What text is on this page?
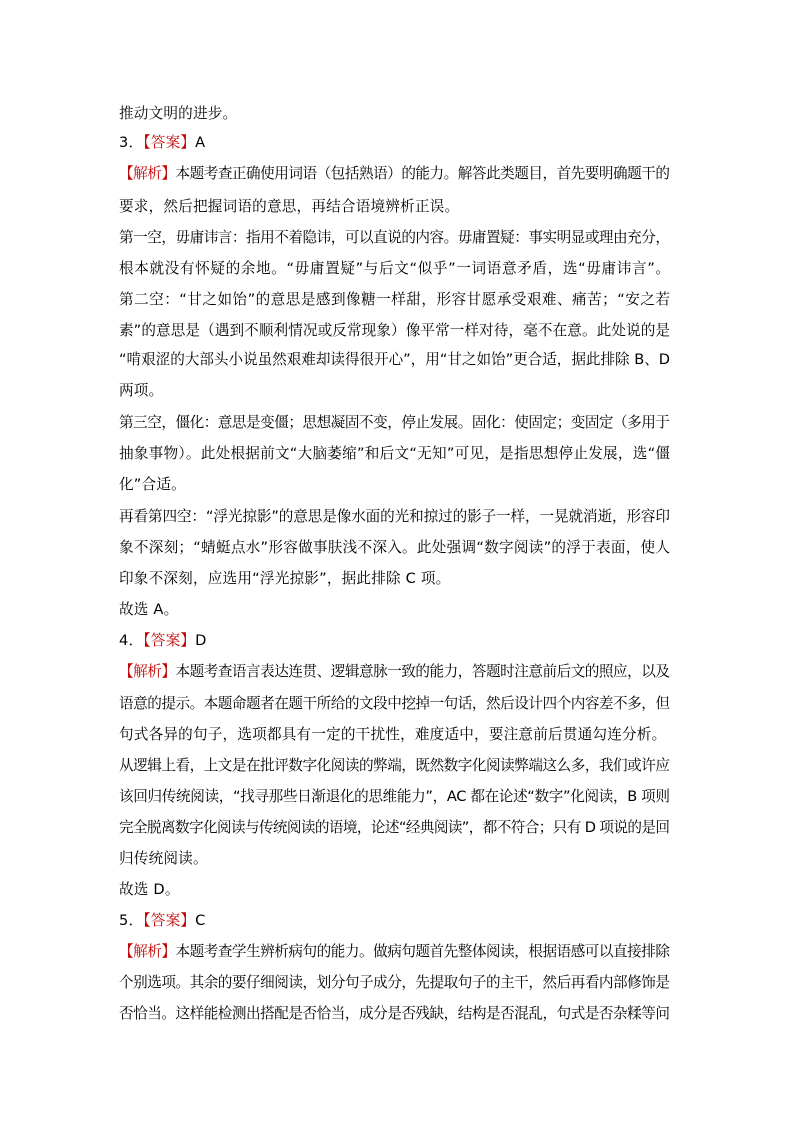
推动文明的进步。
3．【答案】A
【解析】本题考查正确使用词语（包括熟语）的能力。解答此类题目，首先要明确题干的
要求，然后把握词语的意思，再结合语境辨析正误。
第一空，毋庸讳言：指用不着隐讳，可以直说的内容。毋庸置疑：事实明显或理由充分，
根本就没有怀疑的余地。“毋庸置疑”与后文“似乎”一词语意矛盾，选“毋庸讳言”。
第二空：“甘之如饴”的意思是感到像糖一样甜，形容甘愿承受艰难、痛苦；“安之若
素”的意思是（遇到不顺利情况或反常现象）像平常一样对待，毫不在意。此处说的是
“啃艰涩的大部头小说虽然艰难却读得很开心”，用“甘之如饴”更合适，据此排除 B、D
两项。
第三空，僵化：意思是变僵；思想凝固不变，停止发展。固化：使固定；变固定（多用于
抽象事物）。此处根据前文“大脑萎缩”和后文“无知”可见，是指思想停止发展，选“僵
化”合适。
再看第四空：“浮光掠影”的意思是像水面的光和掠过的影子一样，一晃就消逝，形容印
象不深刻；“蜻蜓点水”形容做事肤浅不深入。此处强调“数字阅读”的浮于表面，使人
印象不深刻，应选用“浮光掠影”，据此排除 C 项。
故选 A。
4．【答案】D
【解析】本题考查语言表达连贯、逻辑意脉一致的能力，答题时注意前后文的照应，以及
语意的提示。本题命题者在题干所给的文段中挖掉一句话，然后设计四个内容差不多，但
句式各异的句子，选项都具有一定的干扰性，难度适中，要注意前后贯通勾连分析。
从逻辑上看，上文是在批评数字化阅读的弊端，既然数字化阅读弊端这么多，我们或许应
该回归传统阅读，“找寻那些日渐退化的思维能力”，AC 都在论述“数字”化阅读，B 项则
完全脱离数字化阅读与传统阅读的语境，论述“经典阅读”，都不符合；只有 D 项说的是回
归传统阅读。
故选 D。
5．【答案】C
【解析】本题考查学生辨析病句的能力。做病句题首先整体阅读，根据语感可以直接排除
个别选项。其余的要仔细阅读，划分句子成分，先提取句子的主干，然后再看内部修饰是
否恰当。这样能检测出搭配是否恰当，成分是否残缺，结构是否混乱，句式是否杂糅等问
